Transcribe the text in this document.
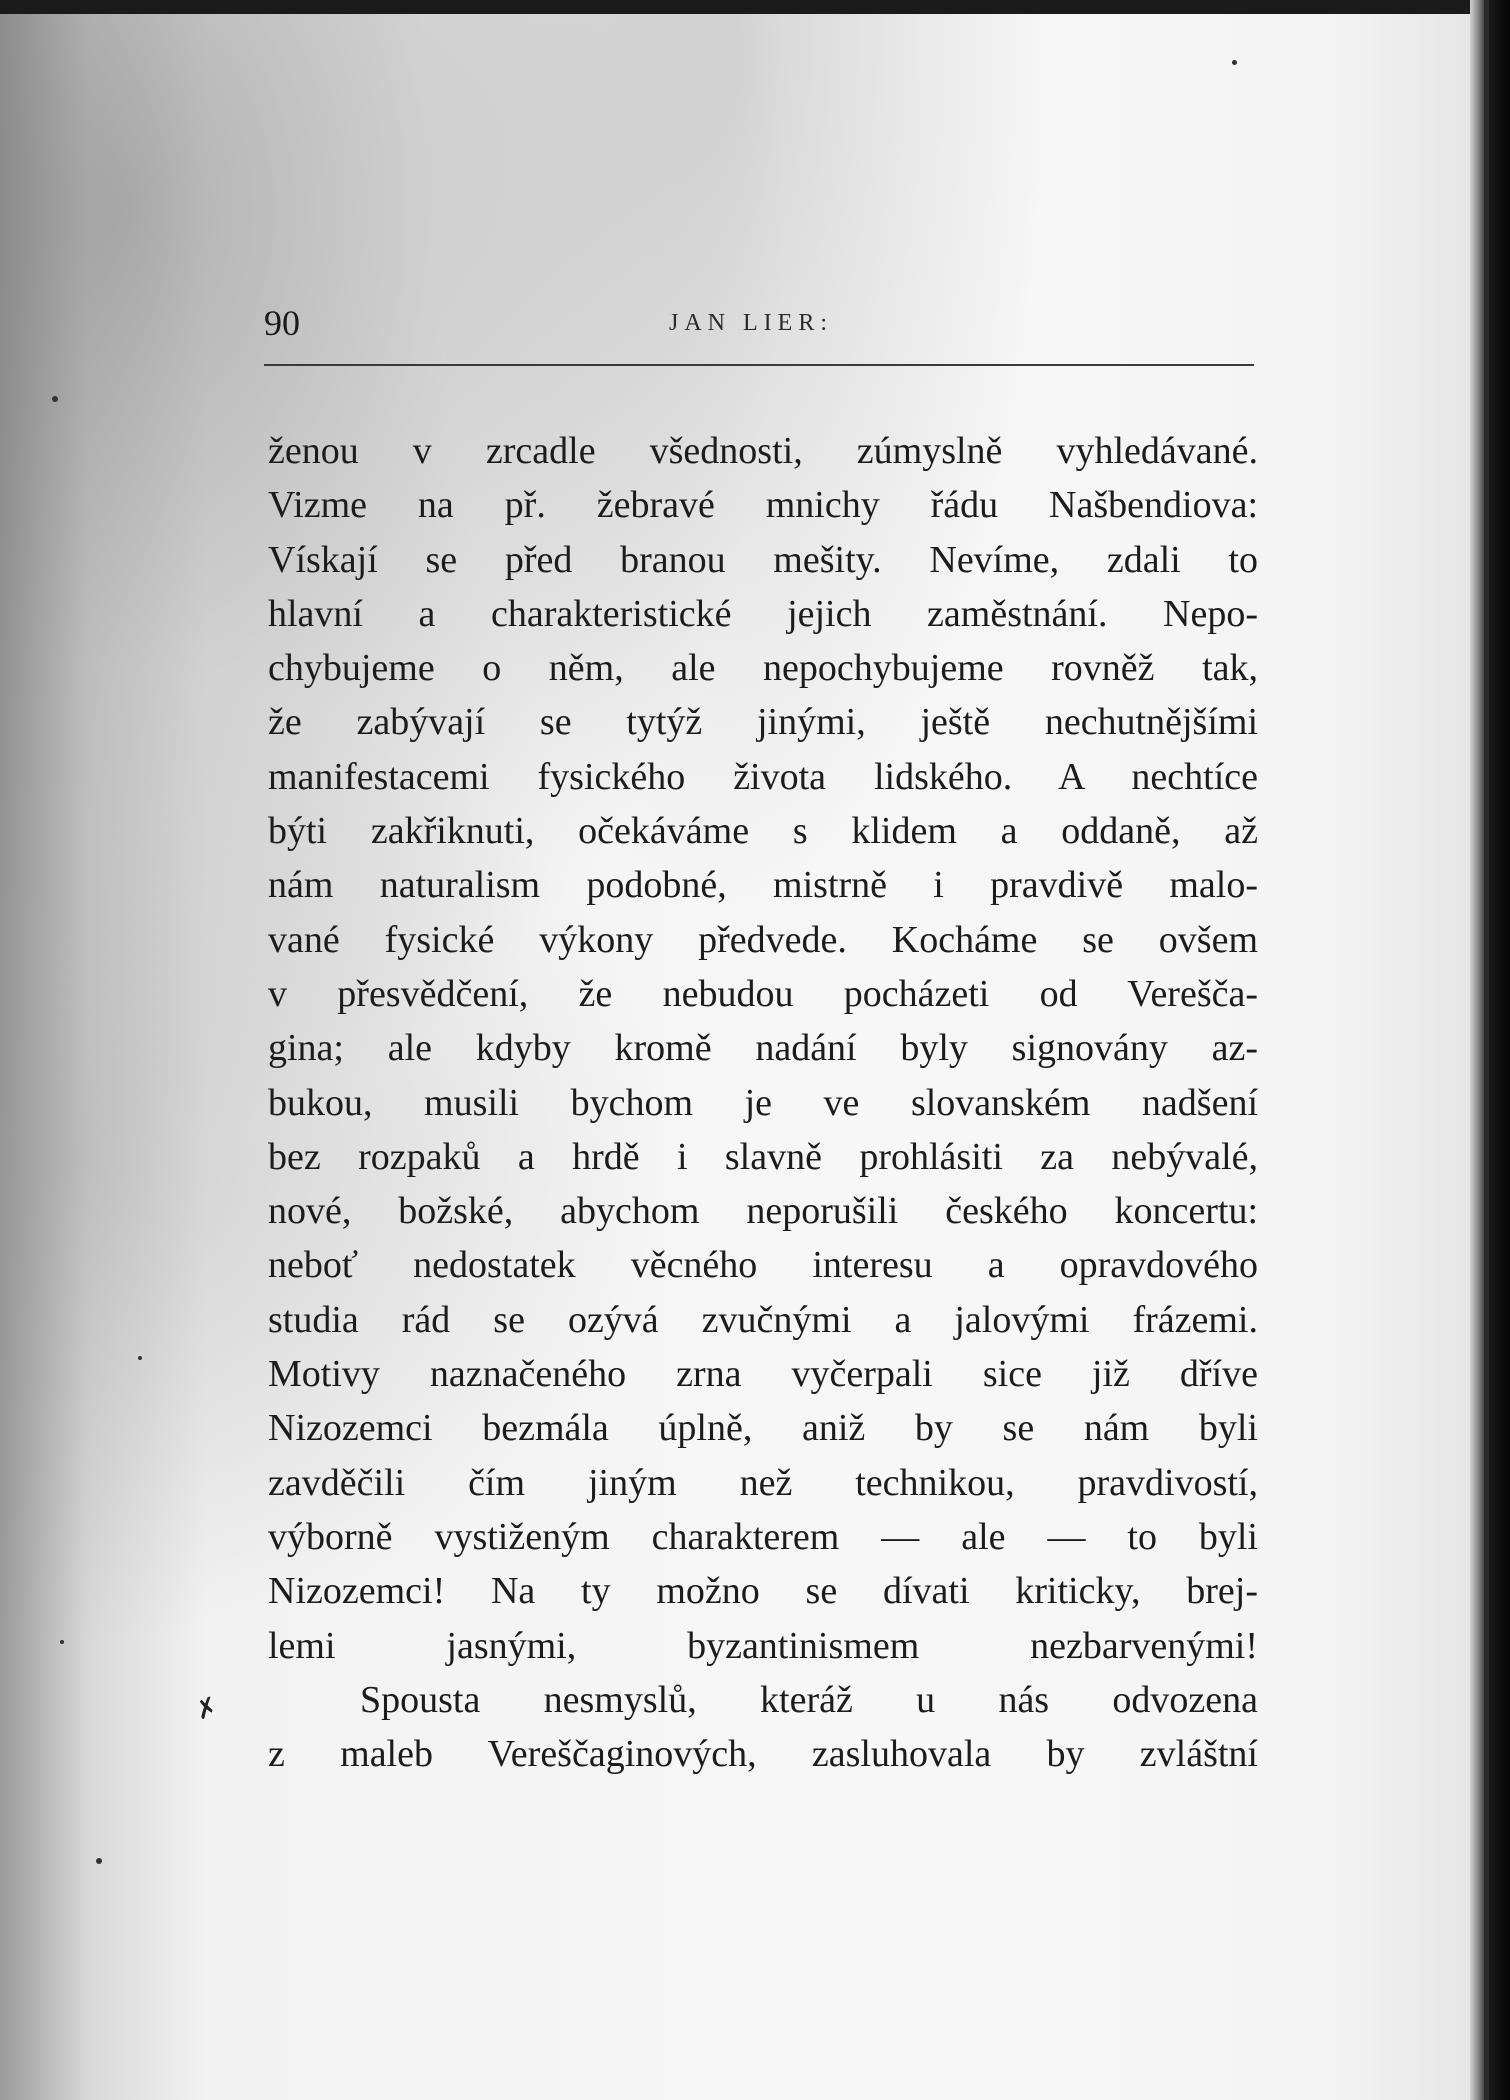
90	JAN LIER:
ženou v zrcadle všednosti, zúmyslně vyhledávané.
Vizme na př. žebravé mnichy řádu Našbendiova:
Vískají se před branou mešity. Nevíme, zdali to
hlavní a charakteristické jejich zaměstnání. Nepo-
chybujeme o něm, ale nepochybujeme rovněž tak,
že zabývají se tytýž jinými, ještě nechutnějšími
manifestacemi fysického života lidského. A nechtíce
býti zakřiknuti, očekáváme s klidem a oddaně, až
nám naturalism podobné, mistrně i pravdivě malo-
vané fysické výkony předvede. Kocháme se ovšem
v přesvědčení, že nebudou pocházeti od Vereščа-
gina; ale kdyby kromě nadání byly signovány az-
bukou, musili bychom je ve slovanském nadšení
bez rozpaků a hrdě i slavně prohlásiti za nebývalé,
nové, božské, abychom neporušili českého koncertu:
neboť nedostatek věcného interesu a opravdového
studia rád se ozývá zvučnými a jalovými frázemi.
Motivy naznačeného zrna vyčerpali sice již dříve
Nizozemci bezmála úplně, aniž by se nám byli
zavděčili čím jiným než technikou, pravdivostí,
výborně vystiženým charakterem — ale — to byli
Nizozemci! Na ty možno se dívati kriticky, brej-
lemi jasnými, byzantinismem nezbarvenými!
Spousta nesmyslů, kteráž u nás odvozena
z maleb Vereščaginových, zasluhovala by zvláštní
✗
